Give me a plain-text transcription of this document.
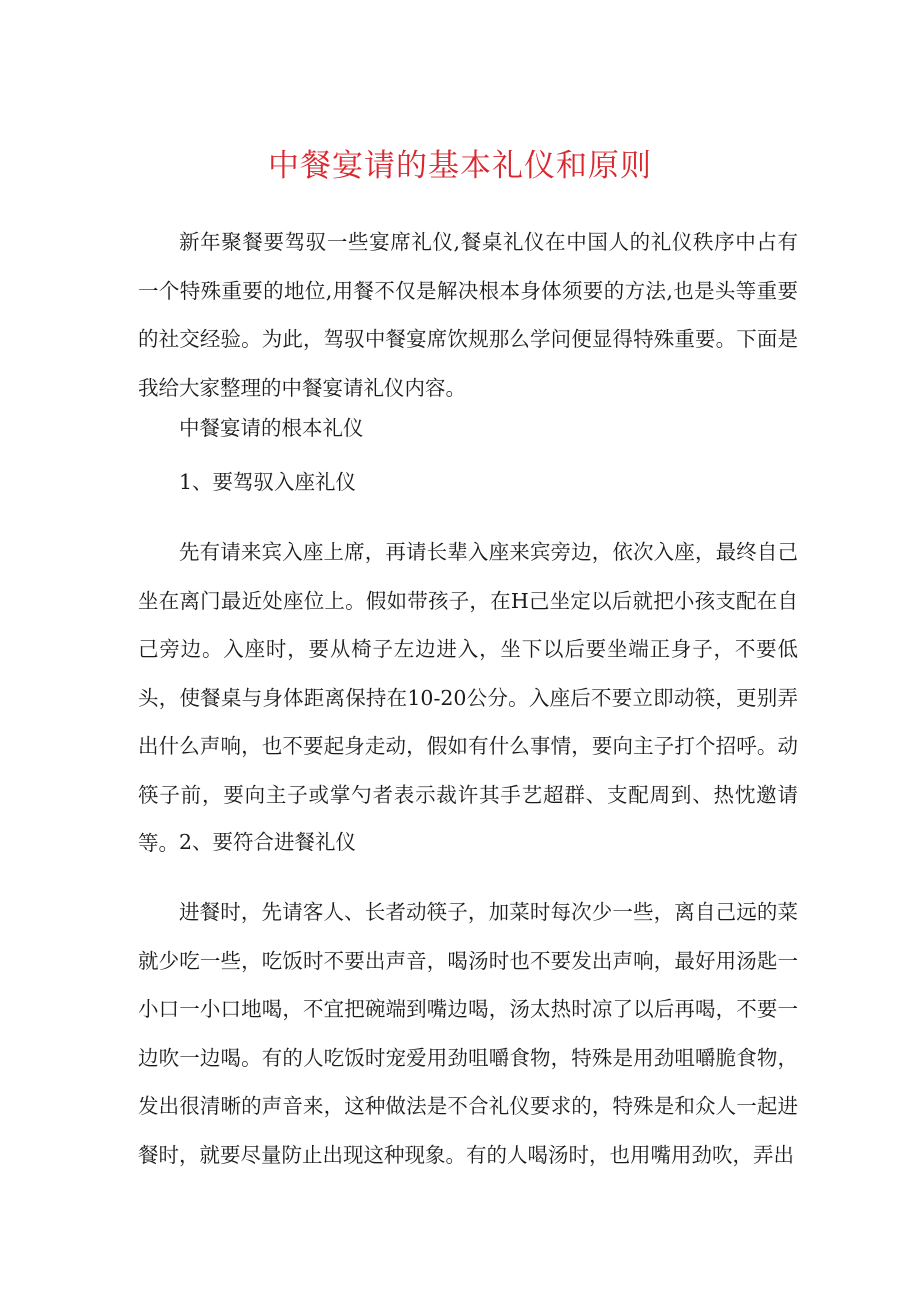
中餐宴请的基本礼仪和原则

新年聚餐要驾驭一些宴席礼仪,餐桌礼仪在中国人的礼仪秩序中占有一个特殊重要的地位,用餐不仅是解决根本身体须要的方法,也是头等重要的社交经验。为此，驾驭中餐宴席饮规那么学问便显得特殊重要。下面是我给大家整理的中餐宴请礼仪内容。

中餐宴请的根本礼仪

1、要驾驭入座礼仪

先有请来宾入座上席，再请长辈入座来宾旁边，依次入座，最终自己坐在离门最近处座位上。假如带孩子，在H己坐定以后就把小孩支配在自己旁边。入座时，要从椅子左边进入，坐下以后要坐端正身子，不要低头，使餐桌与身体距离保持在10-20公分。入座后不要立即动筷，更别弄出什么声响，也不要起身走动，假如有什么事情，要向主子打个招呼。动筷子前，要向主子或掌勺者表示裁许其手艺超群、支配周到、热忱邀请等。 2、要符合进餐礼仪

进餐时，先请客人、长者动筷子，加菜时每次少一些，离自己远的菜就少吃一些，吃饭时不要出声音，喝汤时也不要发出声响，最好用汤匙一小口一小口地喝，不宜把碗端到嘴边喝，汤太热时凉了以后再喝，不要一边吹一边喝。有的人吃饭时宠爱用劲咀嚼食物，特殊是用劲咀嚼脆食物，发出很清晰的声音来，这种做法是不合礼仪要求的，特殊是和众人一起进餐时，就要尽量防止出现这种现象。有的人喝汤时，也用嘴用劲吹，弄出
